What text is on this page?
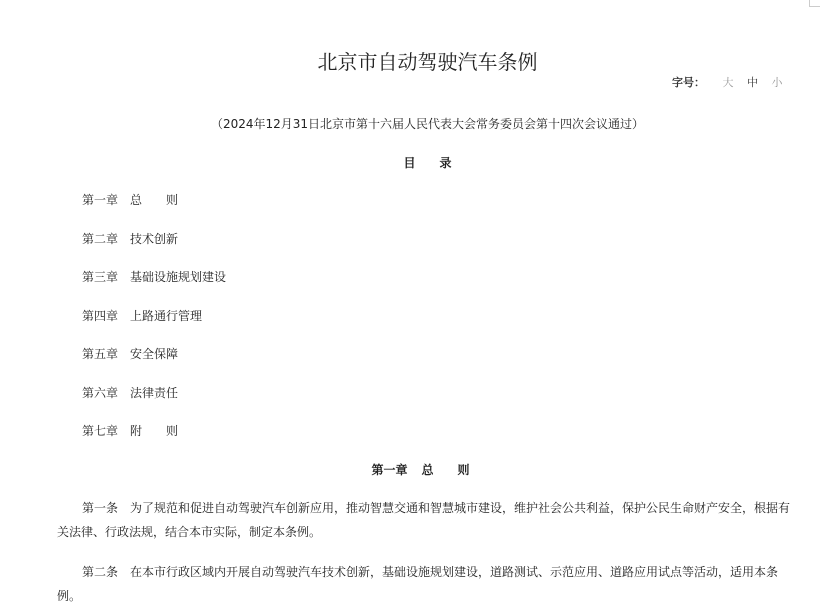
北京市自动驾驶汽车条例
字号： 大 中 小
（2024年12月31日北京市第十六届人民代表大会常务委员会第十四次会议通过）
目 录
第一章 总　　则
第二章 技术创新
第三章 基础设施规划建设
第四章 上路通行管理
第五章 安全保障
第六章 法律责任
第七章 附　　则
第一章 总　　则
第一条 为了规范和促进自动驾驶汽车创新应用，推动智慧交通和智慧城市建设，维护社会公共利益，保护公民生命财产安全，根据有关法律、行政法规，结合本市实际，制定本条例。
第二条 在本市行政区域内开展自动驾驶汽车技术创新，基础设施规划建设，道路测试、示范应用、道路应用试点等活动，适用本条例。
